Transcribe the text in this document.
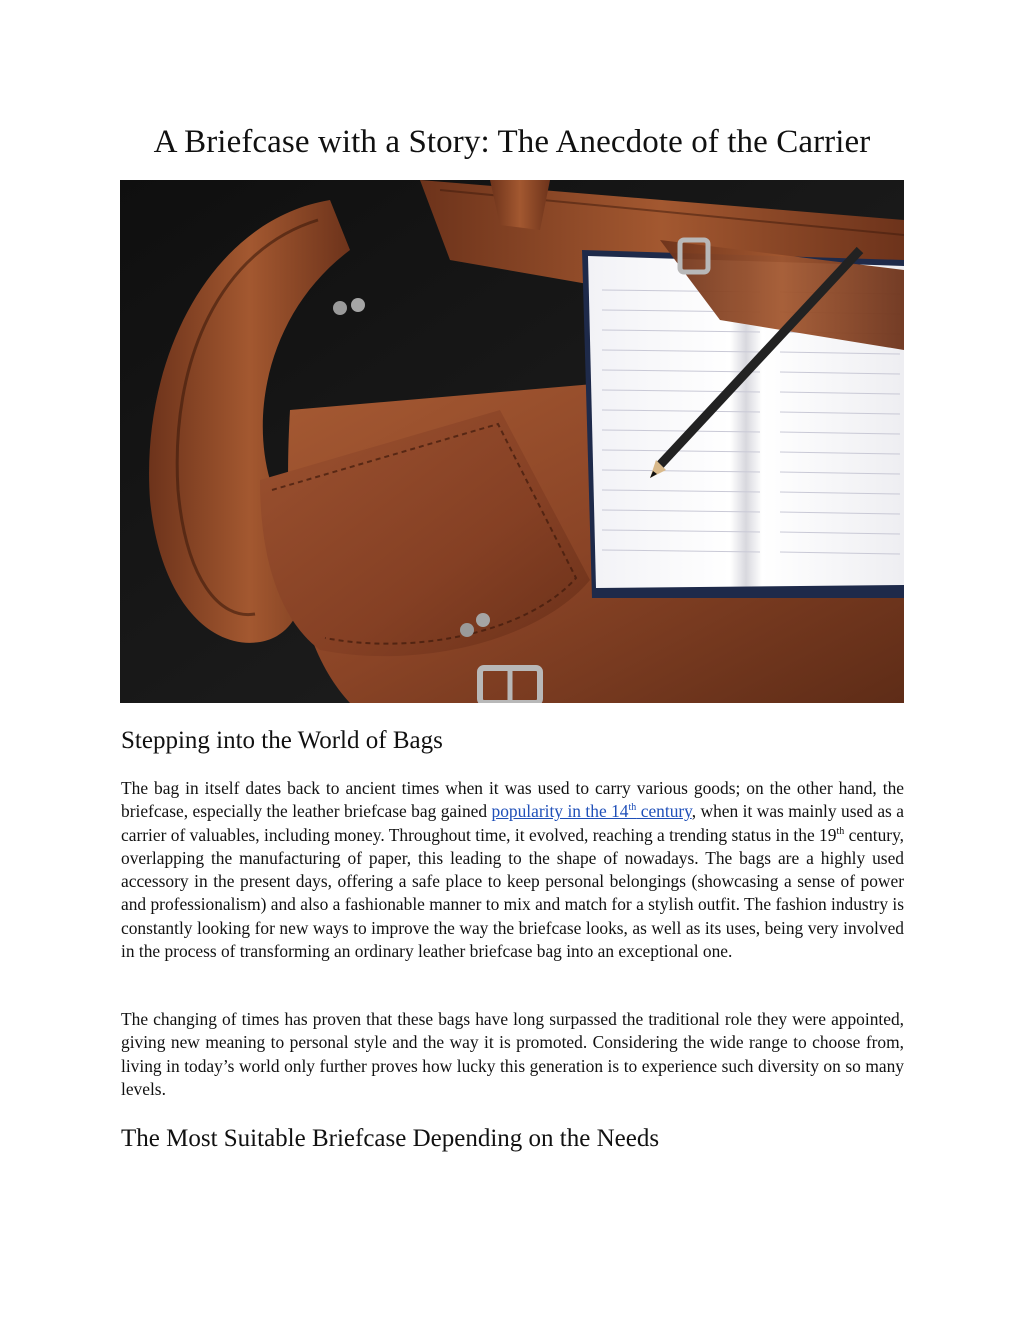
A Briefcase with a Story: The Anecdote of the Carrier
Stepping into the World of Bags

The bag in itself dates back to ancient times when it was used to carry various goods; on the other hand, the briefcase, especially the leather briefcase bag gained popularity in the 14th century, when it was mainly used as a carrier of valuables, including money. Throughout time, it evolved, reaching a trending status in the 19th century, overlapping the manufacturing of paper, this leading to the shape of nowadays. The bags are a highly used accessory in the present days, offering a safe place to keep personal belongings (showcasing a sense of power and professionalism) and also a fashionable manner to mix and match for a stylish outfit. The fashion industry is constantly looking for new ways to improve the way the briefcase looks, as well as its uses, being very involved in the process of transforming an ordinary leather briefcase bag into an exceptional one.

The changing of times has proven that these bags have long surpassed the traditional role they were appointed, giving new meaning to personal style and the way it is promoted. Considering the wide range to choose from, living in today’s world only further proves how lucky this generation is to experience such diversity on so many levels.

The Most Suitable Briefcase Depending on the Needs
